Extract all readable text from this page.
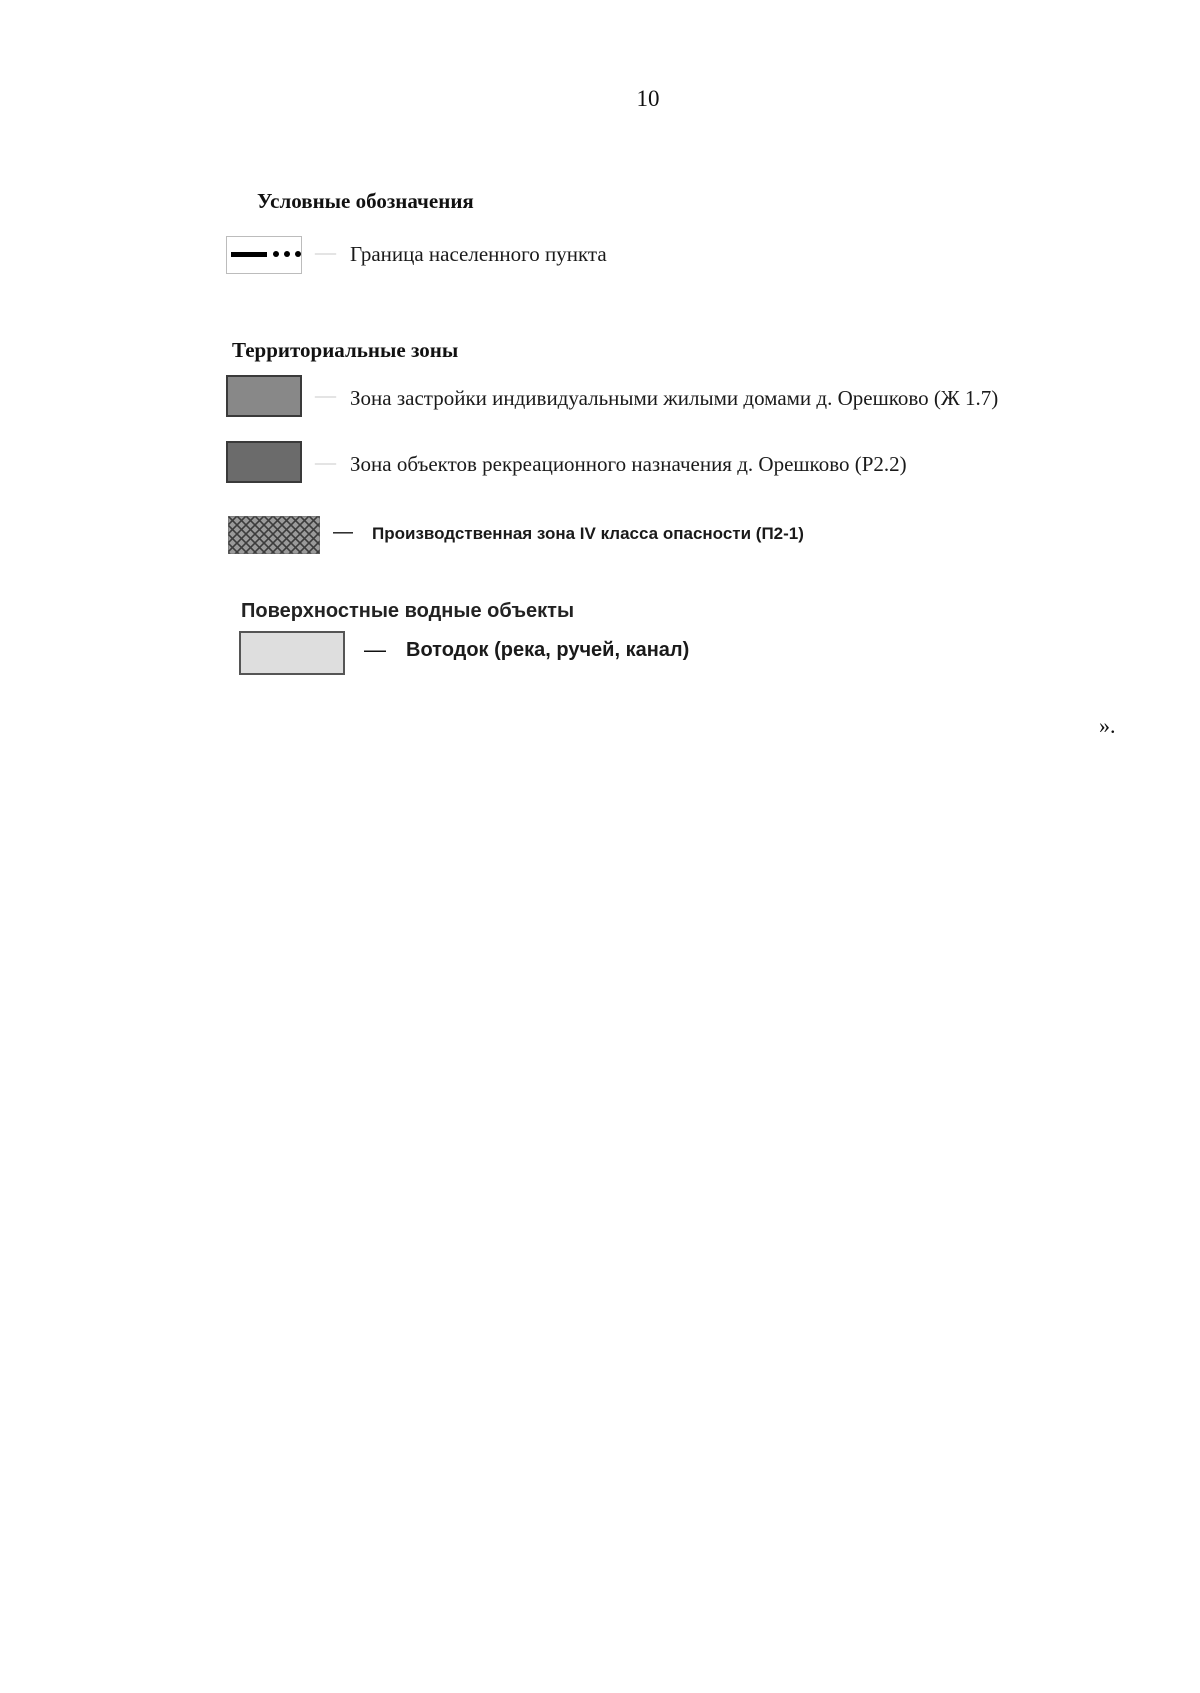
10
Условные обозначения
— Граница населенного пункта
Территориальные зоны
— Зона застройки индивидуальными жилыми домами д. Орешково (Ж 1.7)
— Зона объектов рекреационного назначения д. Орешково (Р2.2)
— Производственная зона IV класса опасности (П2-1)
Поверхностные водные объекты
— Вотодок (река, ручей, канал)
».
